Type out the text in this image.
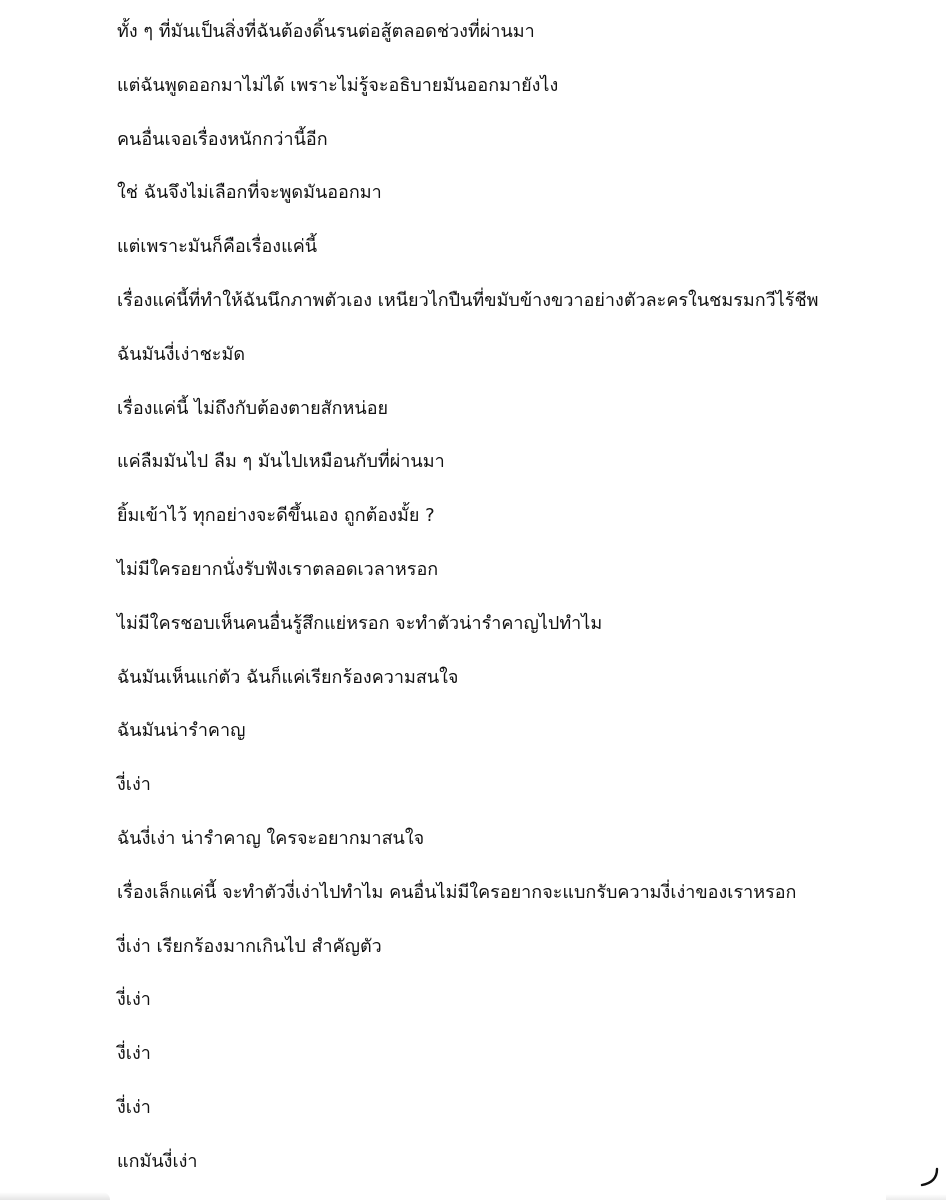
ทั้ง ๆ ที่มันเป็นสิ่งที่ฉันต้องดิ้นรนต่อสู้ตลอดช่วงที่ผ่านมา
แต่ฉันพูดออกมาไม่ได้ เพราะไม่รู้จะอธิบายมันออกมายังไง
คนอื่นเจอเรื่องหนักกว่านี้อีก
ใช่ ฉันจึงไม่เลือกที่จะพูดมันออกมา
แต่เพราะมันก็คือเรื่องแค่นี้
เรื่องแค่นี้ที่ทำให้ฉันนึกภาพตัวเอง เหนียวไกปืนที่ขมับข้างขวาอย่างตัวละครในชมรมกวีไร้ชีพ
ฉันมันงี่เง่าชะมัด
เรื่องแค่นี้ ไม่ถึงกับต้องตายสักหน่อย
แค่ลืมมันไป ลืม ๆ มันไปเหมือนกับที่ผ่านมา
ยิ้มเข้าไว้ ทุกอย่างจะดีขึ้นเอง ถูกต้องมั้ย ?
ไม่มีใครอยากนั่งรับฟังเราตลอดเวลาหรอก
ไม่มีใครชอบเห็นคนอื่นรู้สึกแย่หรอก จะทำตัวน่ารำคาญไปทำไม
ฉันมันเห็นแก่ตัว ฉันก็แค่เรียกร้องความสนใจ
ฉันมันน่ารำคาญ
งี่เง่า
ฉันงี่เง่า น่ารำคาญ ใครจะอยากมาสนใจ
เรื่องเล็กแค่นี้ จะทำตัวงี่เง่าไปทำไม คนอื่นไม่มีใครอยากจะแบกรับความงี่เง่าของเราหรอก
งี่เง่า เรียกร้องมากเกินไป สำคัญตัว
งี่เง่า
งี่เง่า
งี่เง่า
แกมันงี่เง่า
